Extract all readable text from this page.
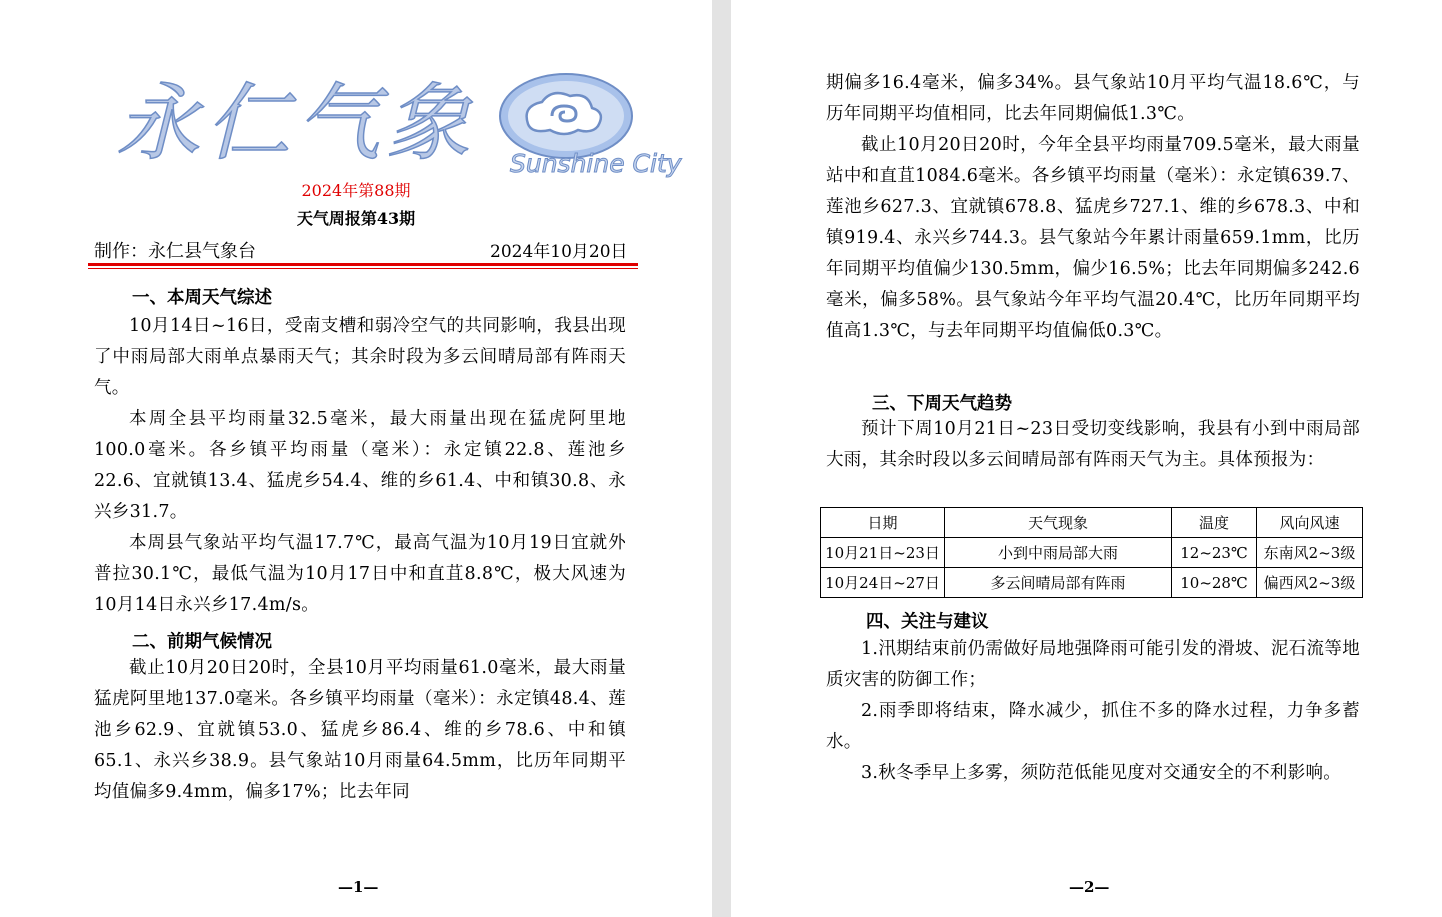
永仁气象 Sunshine City
2024年第88期
天气周报第43期
制作：永仁县气象台	2024年10月20日
一、本周天气综述

10月14日~16日，受南支槽和弱冷空气的共同影响，我县出现了中雨局部大雨单点暴雨天气；其余时段为多云间晴局部有阵雨天气。

本周全县平均雨量32.5毫米，最大雨量出现在猛虎阿里地100.0毫米。各乡镇平均雨量（毫米）：永定镇22.8、莲池乡22.6、宜就镇13.4、猛虎乡54.4、维的乡61.4、中和镇30.8、永兴乡31.7。

本周县气象站平均气温17.7℃，最高气温为10月19日宜就外普拉30.1℃，最低气温为10月17日中和直苴8.8℃，极大风速为10月14日永兴乡17.4m/s。

二、前期气候情况

截止10月20日20时，全县10月平均雨量61.0毫米，最大雨量猛虎阿里地137.0毫米。各乡镇平均雨量（毫米）：永定镇48.4、莲池乡62.9、宜就镇53.0、猛虎乡86.4、维的乡78.6、中和镇65.1、永兴乡38.9。县气象站10月雨量64.5mm，比历年同期平均值偏多9.4mm，偏多17%；比去年同

—1—

期偏多16.4毫米，偏多34%。县气象站10月平均气温18.6℃，与历年同期平均值相同，比去年同期偏低1.3℃。

截止10月20日20时，今年全县平均雨量709.5毫米，最大雨量站中和直苴1084.6毫米。各乡镇平均雨量（毫米）：永定镇639.7、莲池乡627.3、宜就镇678.8、猛虎乡727.1、维的乡678.3、中和镇919.4、永兴乡744.3。县气象站今年累计雨量659.1mm，比历年同期平均值偏少130.5mm，偏少16.5%；比去年同期偏多242.6毫米，偏多58%。县气象站今年平均气温20.4℃，比历年同期平均值高1.3℃，与去年同期平均值偏低0.3℃。

三、下周天气趋势

预计下周10月21日~23日受切变线影响，我县有小到中雨局部大雨，其余时段以多云间晴局部有阵雨天气为主。具体预报为：

日期	天气现象	温度	风向风速
10月21日~23日	小到中雨局部大雨	12~23℃	东南风2~3级
10月24日~27日	多云间晴局部有阵雨	10~28℃	偏西风2~3级
四、关注与建议

1.汛期结束前仍需做好局地强降雨可能引发的滑坡、泥石流等地质灾害的防御工作；

2.雨季即将结束，降水减少，抓住不多的降水过程，力争多蓄水。

3.秋冬季早上多雾，须防范低能见度对交通安全的不利影响。

—2—
